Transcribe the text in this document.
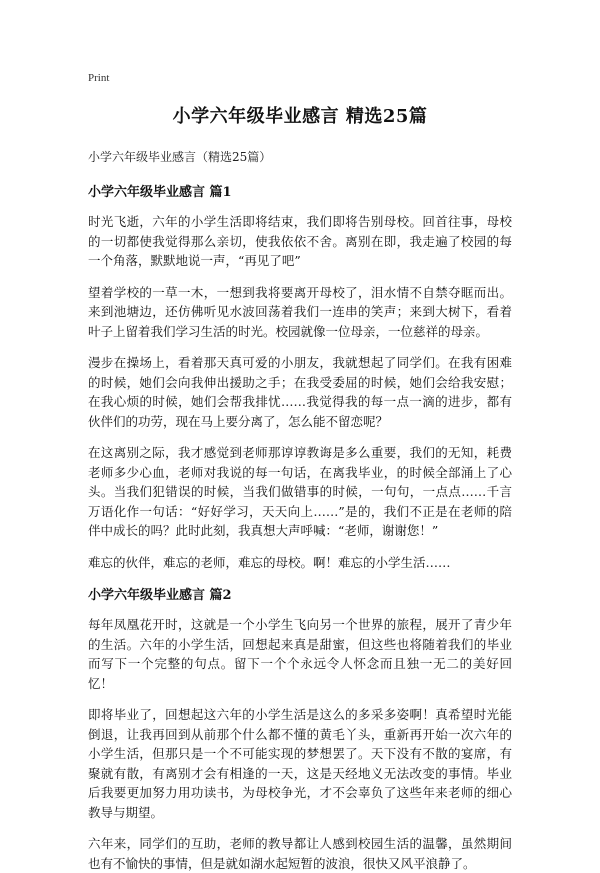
Print
小学六年级毕业感言 精选25篇
小学六年级毕业感言（精选25篇）
小学六年级毕业感言 篇1

时光飞逝，六年的小学生活即将结束，我们即将告别母校。回首往事，母校的一切都使我觉得那么亲切，使我依依不舍。离别在即，我走遍了校园的每一个角落，默默地说一声，“再见了吧”

望着学校的一草一木，一想到我将要离开母校了，泪水情不自禁夺眶而出。来到池塘边，还仿佛听见水波回荡着我们一连串的笑声；来到大树下，看着叶子上留着我们学习生活的时光。校园就像一位母亲，一位慈祥的母亲。

漫步在操场上，看着那天真可爱的小朋友，我就想起了同学们。在我有困难的时候，她们会向我伸出援助之手；在我受委屈的时候，她们会给我安慰；在我心烦的时候，她们会帮我排忧……我觉得我的每一点一滴的进步，都有伙伴们的功劳，现在马上要分离了，怎么能不留恋呢？

在这离别之际，我才感觉到老师那谆谆教诲是多么重要，我们的无知，耗费老师多少心血，老师对我说的每一句话，在离我毕业，的时候全部涌上了心头。当我们犯错误的时候，当我们做错事的时候，一句句，一点点……千言万语化作一句话：“好好学习，天天向上……”是的，我们不正是在老师的陪伴中成长的吗？此时此刻，我真想大声呼喊：“老师，谢谢您！”

难忘的伙伴，难忘的老师，难忘的母校。啊！难忘的小学生活……

小学六年级毕业感言 篇2

每年凤凰花开时，这就是一个小学生飞向另一个世界的旅程，展开了青少年的生活。六年的小学生活，回想起来真是甜蜜，但这些也将随着我们的毕业而写下一个完整的句点。留下一个个永远令人怀念而且独一无二的美好回忆！

即将毕业了，回想起这六年的小学生活是这么的多采多姿啊！真希望时光能倒退，让我再回到从前那个什么都不懂的黄毛丫头，重新再开始一次六年的小学生活，但那只是一个不可能实现的梦想罢了。天下没有不散的宴席，有聚就有散，有离别才会有相逢的一天，这是天经地义无法改变的事情。毕业后我要更加努力用功读书，为母校争光，才不会辜负了这些年来老师的细心教导与期望。

六年来，同学们的互助，老师的教导都让人感到校园生活的温馨，虽然期间也有不愉快的事情，但是就如湖水起短暂的波浪，很快又风平浪静了。
